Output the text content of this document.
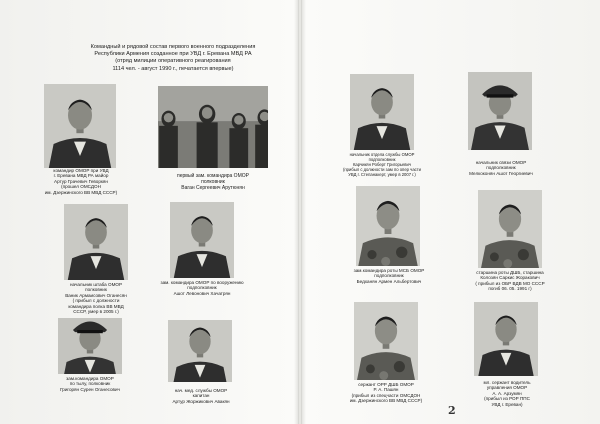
Командный и рядовой состав первого военного подразделения
Республики Армения созданное при УВД г. Еревана МВД РА
(отряд милиции оперативного реагирования
1114 чел. - август 1990 г., печатается впервые)
командир ОМОР при УВД
г. Еревана МВД РА майор
Артур Грачевич Геворкян
(прошел ОМСДОН
им. Дзержинского ВВ МВД СССР)
первый зам. командира ОМОР
полковник
Ваган Сергеевич Арутюнян
начальник штаба ОМОР
полковник
Ваник Армаисович Оганесян
( прибыл с должности
командира полка ВВ МВД
СССР, умер в 2005 г.)
зам. командира ОМОР по вооружению
подполковник
Ашот Левонович Хачатрян
зам.командира ОМОР
по тылу, полковник
Григорян Сурен Оганесович	нач. мед. службы ОМОР
капитан
Артур Жоржикович Авакян
начальник отдела службы ОМОР
подполковник
Карчикян Роберт Григорьевич
(прибыл с должности зам по опер части
УВД г. Степанакерт, умер в 2007 г.)
начальник связи ОМОР
подполковник
Мелкоконян Ашот Георгиевич
зам.командира роты МСБ ОМОР
подполковник
Бедханян Армен Альбертович
старшина роты ДШБ, старшина
Колозян Саркис Жоракович
( прибыл из ОБР ВДВ МО СССР
погиб 06. 05. 1991 г)
сержант ОРР ДШБ ОМОР
Р. А. Пашян
(прибыл из спецчасти ОМСДОН
им. Дзержинского ВВ МВД СССР)
мл. сержант водитель
управления ОМОР
А. А. Арзумян
(прибыл из РОР ППС
УВД г. Ереван)
2
